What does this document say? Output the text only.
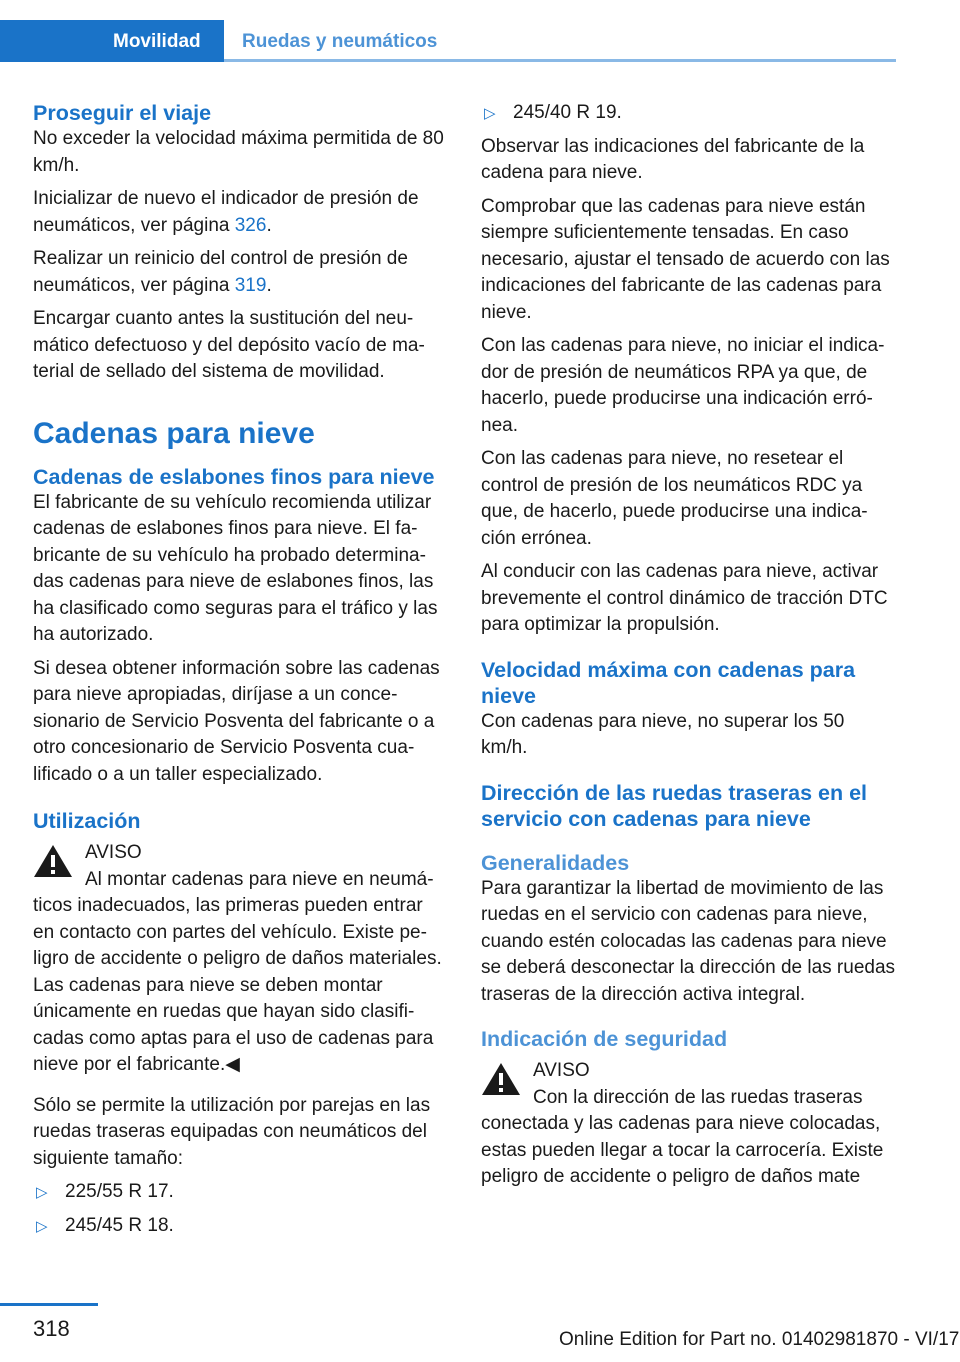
Movilidad	Ruedas y neumáticos
Proseguir el viaje

No exceder la velocidad máxima permitida de 80 km/h.

Inicializar de nuevo el indicador de presión de neumáticos, ver página 326.

Realizar un reinicio del control de presión de neumáticos, ver página 319.

Encargar cuanto antes la sustitución del neumático defectuoso y del depósito vacío de material de sellado del sistema de movilidad.

Cadenas para nieve
Cadenas de eslabones finos para nieve

El fabricante de su vehículo recomienda utilizar cadenas de eslabones finos para nieve. El fabricante de su vehículo ha probado determinadas cadenas para nieve de eslabones finos, las ha clasificado como seguras para el tráfico y las ha autorizado.

Si desea obtener información sobre las cadenas para nieve apropiadas, diríjase a un concesionario de Servicio Posventa del fabricante o a otro concesionario de Servicio Posventa cualificado o a un taller especializado.

Utilización
AVISO
Al montar cadenas para nieve en neumáticos inadecuados, las primeras pueden entrar en contacto con partes del vehículo. Existe peligro de accidente o peligro de daños materiales. Las cadenas para nieve se deben montar únicamente en ruedas que hayan sido clasificadas como aptas para el uso de cadenas para nieve por el fabricante.◀

Sólo se permite la utilización por parejas en las ruedas traseras equipadas con neumáticos del siguiente tamaño:

▷ 225/55 R 17.
▷ 245/45 R 18.
▷ 245/40 R 19.

Observar las indicaciones del fabricante de la cadena para nieve.

Comprobar que las cadenas para nieve están siempre suficientemente tensadas. En caso necesario, ajustar el tensado de acuerdo con las indicaciones del fabricante de las cadenas para nieve.

Con las cadenas para nieve, no iniciar el indicador de presión de neumáticos RPA ya que, de hacerlo, puede producirse una indicación errónea.

Con las cadenas para nieve, no resetear el control de presión de los neumáticos RDC ya que, de hacerlo, puede producirse una indicación errónea.

Al conducir con las cadenas para nieve, activar brevemente el control dinámico de tracción DTC para optimizar la propulsión.

Velocidad máxima con cadenas para nieve

Con cadenas para nieve, no superar los 50 km/h.

Dirección de las ruedas traseras en el servicio con cadenas para nieve
Generalidades

Para garantizar la libertad de movimiento de las ruedas en el servicio con cadenas para nieve, cuando estén colocadas las cadenas para nieve se deberá desconectar la dirección de las ruedas traseras de la dirección activa integral.

Indicación de seguridad
AVISO
Con la dirección de las ruedas traseras conectada y las cadenas para nieve colocadas, estas pueden llegar a tocar la carrocería. Existe peligro de accidente o peligro de daños mate
318	Online Edition for Part no. 01402981870 - VI/17
